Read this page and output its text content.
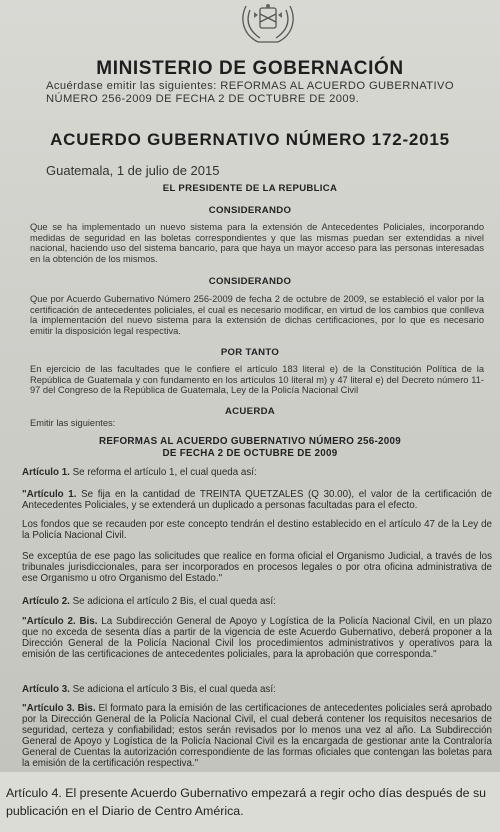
MINISTERIO DE GOBERNACIÓN
Acuérdase emitir las siguientes: REFORMAS AL ACUERDO GUBERNATIVO
NÚMERO 256-2009 DE FECHA 2 DE OCTUBRE DE 2009.
ACUERDO GUBERNATIVO NÚMERO 172-2015
Guatemala, 1 de julio de 2015
EL PRESIDENTE DE LA REPUBLICA
CONSIDERANDO
Que se ha implementado un nuevo sistema para la extensión de Antecedentes Policiales, incorporando medidas de seguridad en las boletas correspondientes y que las mismas puedan ser extendidas a nivel nacional, haciendo uso del sistema bancario, para que haya un mayor acceso para las personas interesadas en la obtención de los mismos.
CONSIDERANDO
Que por Acuerdo Gubernativo Número 256-2009 de fecha 2 de octubre de 2009, se estableció el valor por la certificación de antecedentes policiales, el cual es necesario modificar, en virtud de los cambios que conlleva la implementación del nuevo sistema para la extensión de dichas certificaciones, por lo que es necesario emitir la disposición legal respectiva.
POR TANTO
En ejercicio de las facultades que le confiere el artículo 183 literal e) de la Constitución Política de la República de Guatemala y con fundamento en los artículos 10 literal m) y 47 literal e) del Decreto número 11-97 del Congreso de la República de Guatemala, Ley de la Policía Nacional Civil
ACUERDA
Emitir las siguientes:
REFORMAS AL ACUERDO GUBERNATIVO NÚMERO 256-2009
DE FECHA 2 DE OCTUBRE DE 2009
Artículo 1. Se reforma el artículo 1, el cual queda así:
"Artículo 1. Se fija en la cantidad de TREINTA QUETZALES (Q 30.00), el valor de la certificación de Antecedentes Policiales, y se extenderá un duplicado a personas facultadas para el efecto.
Los fondos que se recauden por este concepto tendrán el destino establecido en el artículo 47 de la Ley de la Policía Nacional Civil.
Se exceptúa de ese pago las solicitudes que realice en forma oficial el Organismo Judicial, a través de los tribunales jurisdiccionales, para ser incorporados en procesos legales o por otra oficina administrativa de ese Organismo u otro Organismo del Estado."
Artículo 2. Se adiciona el artículo 2 Bis, el cual queda así:
"Artículo 2. Bis. La Subdirección General de Apoyo y Logística de la Policía Nacional Civil, en un plazo que no exceda de sesenta días a partir de la vigencia de este Acuerdo Gubernativo, deberá proponer a la Dirección General de la Policía Nacional Civil los procedimientos administrativos y operativos para la emisión de las certificaciones de antecedentes policiales, para la aprobación que corresponda."
Artículo 3. Se adiciona el artículo 3 Bis, el cual queda así:
"Artículo 3. Bis. El formato para la emisión de las certificaciones de antecedentes policiales será aprobado por la Dirección General de la Policía Nacional Civil, el cual deberá contener los requisitos necesarios de seguridad, certeza y confiabilidad; estos serán revisados por lo menos una vez al año. La Subdirección General de Apoyo y Logística de la Policía Nacional Civil es la encargada de gestionar ante la Contraloría General de Cuentas la autorización correspondiente de las formas oficiales que contengan las boletas para la emisión de la certificación respectiva."
Artículo 4. El presente Acuerdo Gubernativo empezará a regir ocho días después de su publicación en el Diario de Centro América.
